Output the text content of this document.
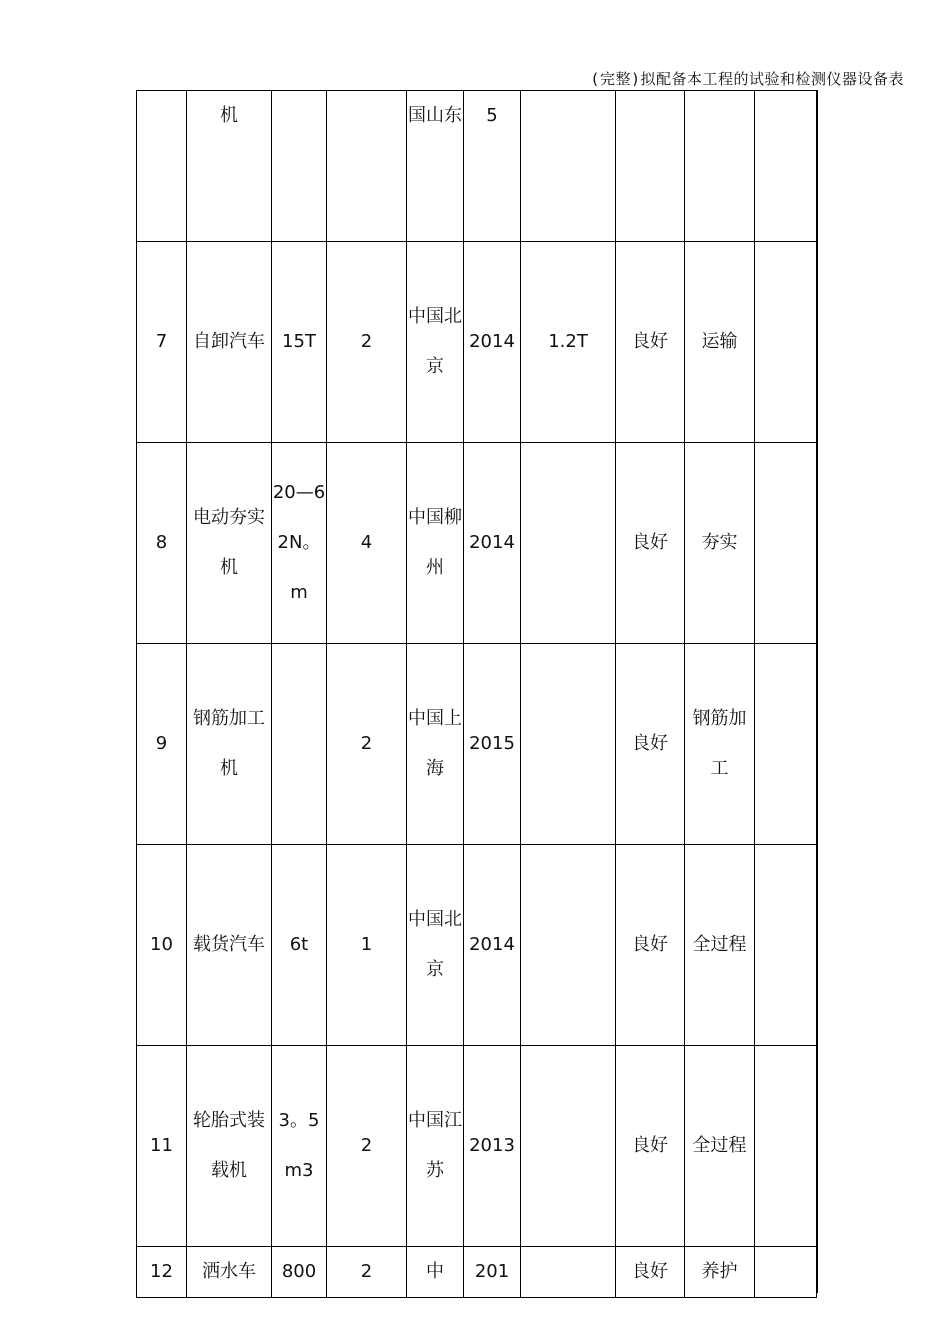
(完整)拟配备本工程的试验和检测仪器设备表
	机			国山东	5				
7	自卸汽车	15T	2	中国北京	2014	1.2T	良好	运输	
8	电动夯实机	20—62N。m	4	中国柳州	2014		良好	夯实	
9	钢筋加工机		2	中国上海	2015		良好	钢筋加工	
10	载货汽车	6t	1	中国北京	2014		良好	全过程	
11	轮胎式装载机	3。5m3	2	中国江苏	2013		良好	全过程	
12	洒水车	800	2	中	201		良好	养护	
